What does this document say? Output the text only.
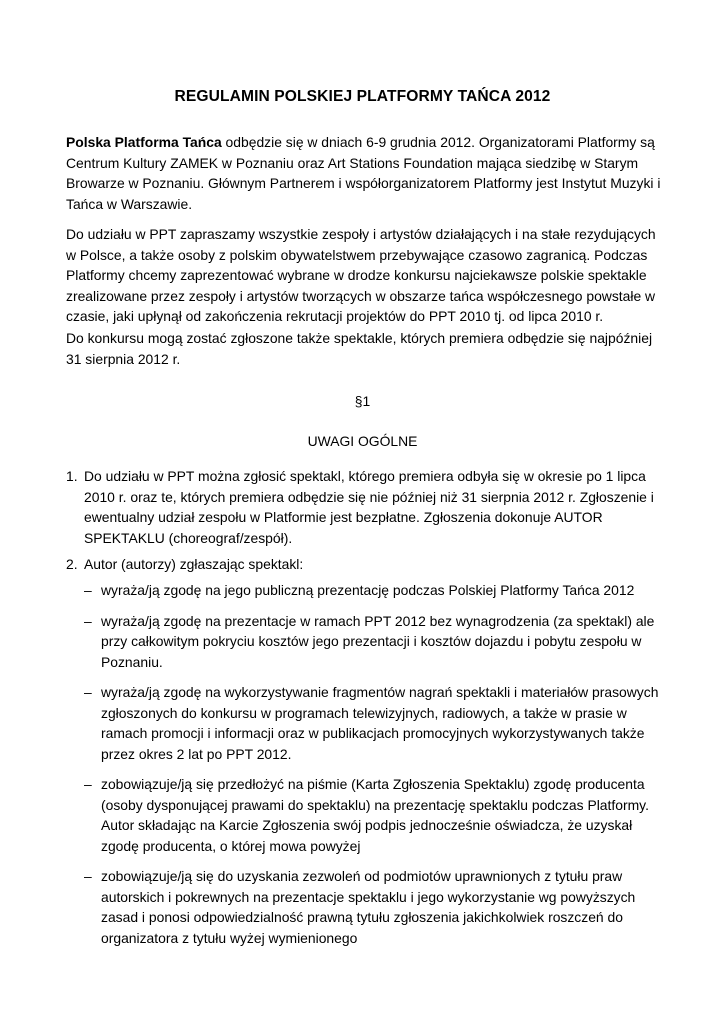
REGULAMIN POLSKIEJ PLATFORMY TAŃCA 2012
Polska Platforma Tańca odbędzie się w dniach 6-9 grudnia 2012. Organizatorami Platformy są Centrum Kultury ZAMEK w Poznaniu oraz Art Stations Foundation mająca siedzibę w Starym Browarze w Poznaniu. Głównym Partnerem i współorganizatorem Platformy jest Instytut Muzyki i Tańca w Warszawie.
Do udziału w PPT zapraszamy wszystkie zespoły i artystów działających i na stałe rezydujących w Polsce, a także osoby z polskim obywatelstwem przebywające czasowo zagranicą. Podczas Platformy chcemy zaprezentować wybrane w drodze konkursu najciekawsze polskie spektakle zrealizowane przez zespoły i artystów tworzących w obszarze tańca współczesnego powstałe w czasie, jaki upłynął od zakończenia rekrutacji projektów do PPT 2010 tj. od lipca 2010 r.
Do konkursu mogą zostać zgłoszone także spektakle, których premiera odbędzie się najpóźniej 31 sierpnia 2012 r.
§1
UWAGI OGÓLNE
1. Do udziału w PPT można zgłosić spektakl, którego premiera odbyła się w okresie po 1 lipca 2010 r. oraz te, których premiera odbędzie się nie później niż 31 sierpnia 2012 r. Zgłoszenie i ewentualny udział zespołu w Platformie jest bezpłatne. Zgłoszenia dokonuje AUTOR SPEKTAKLU (choreograf/zespół).
2. Autor (autorzy) zgłaszając spektakl:
– wyraża/ją zgodę na jego publiczną prezentację podczas Polskiej Platformy Tańca 2012
– wyraża/ją zgodę na prezentacje w ramach PPT 2012 bez wynagrodzenia (za spektakl) ale przy całkowitym pokryciu kosztów jego prezentacji i kosztów dojazdu i pobytu zespołu w Poznaniu.
– wyraża/ją zgodę na wykorzystywanie fragmentów nagrań spektakli i materiałów prasowych zgłoszonych do konkursu w programach telewizyjnych, radiowych, a także w prasie w ramach promocji i informacji oraz w publikacjach promocyjnych wykorzystywanych także przez okres 2 lat po PPT 2012.
– zobowiązuje/ją się przedłożyć na piśmie (Karta Zgłoszenia Spektaklu) zgodę producenta (osoby dysponującej prawami do spektaklu) na prezentację spektaklu podczas Platformy. Autor składając na Karcie Zgłoszenia swój podpis jednocześnie oświadcza, że uzyskał zgodę producenta, o której mowa powyżej
– zobowiązuje/ją się do uzyskania zezwoleń od podmiotów uprawnionych z tytułu praw autorskich i pokrewnych na prezentacje spektaklu i jego wykorzystanie wg powyższych zasad i ponosi odpowiedzialność prawną tytułu zgłoszenia jakichkolwiek roszczeń do organizatora z tytułu wyżej wymienionego
